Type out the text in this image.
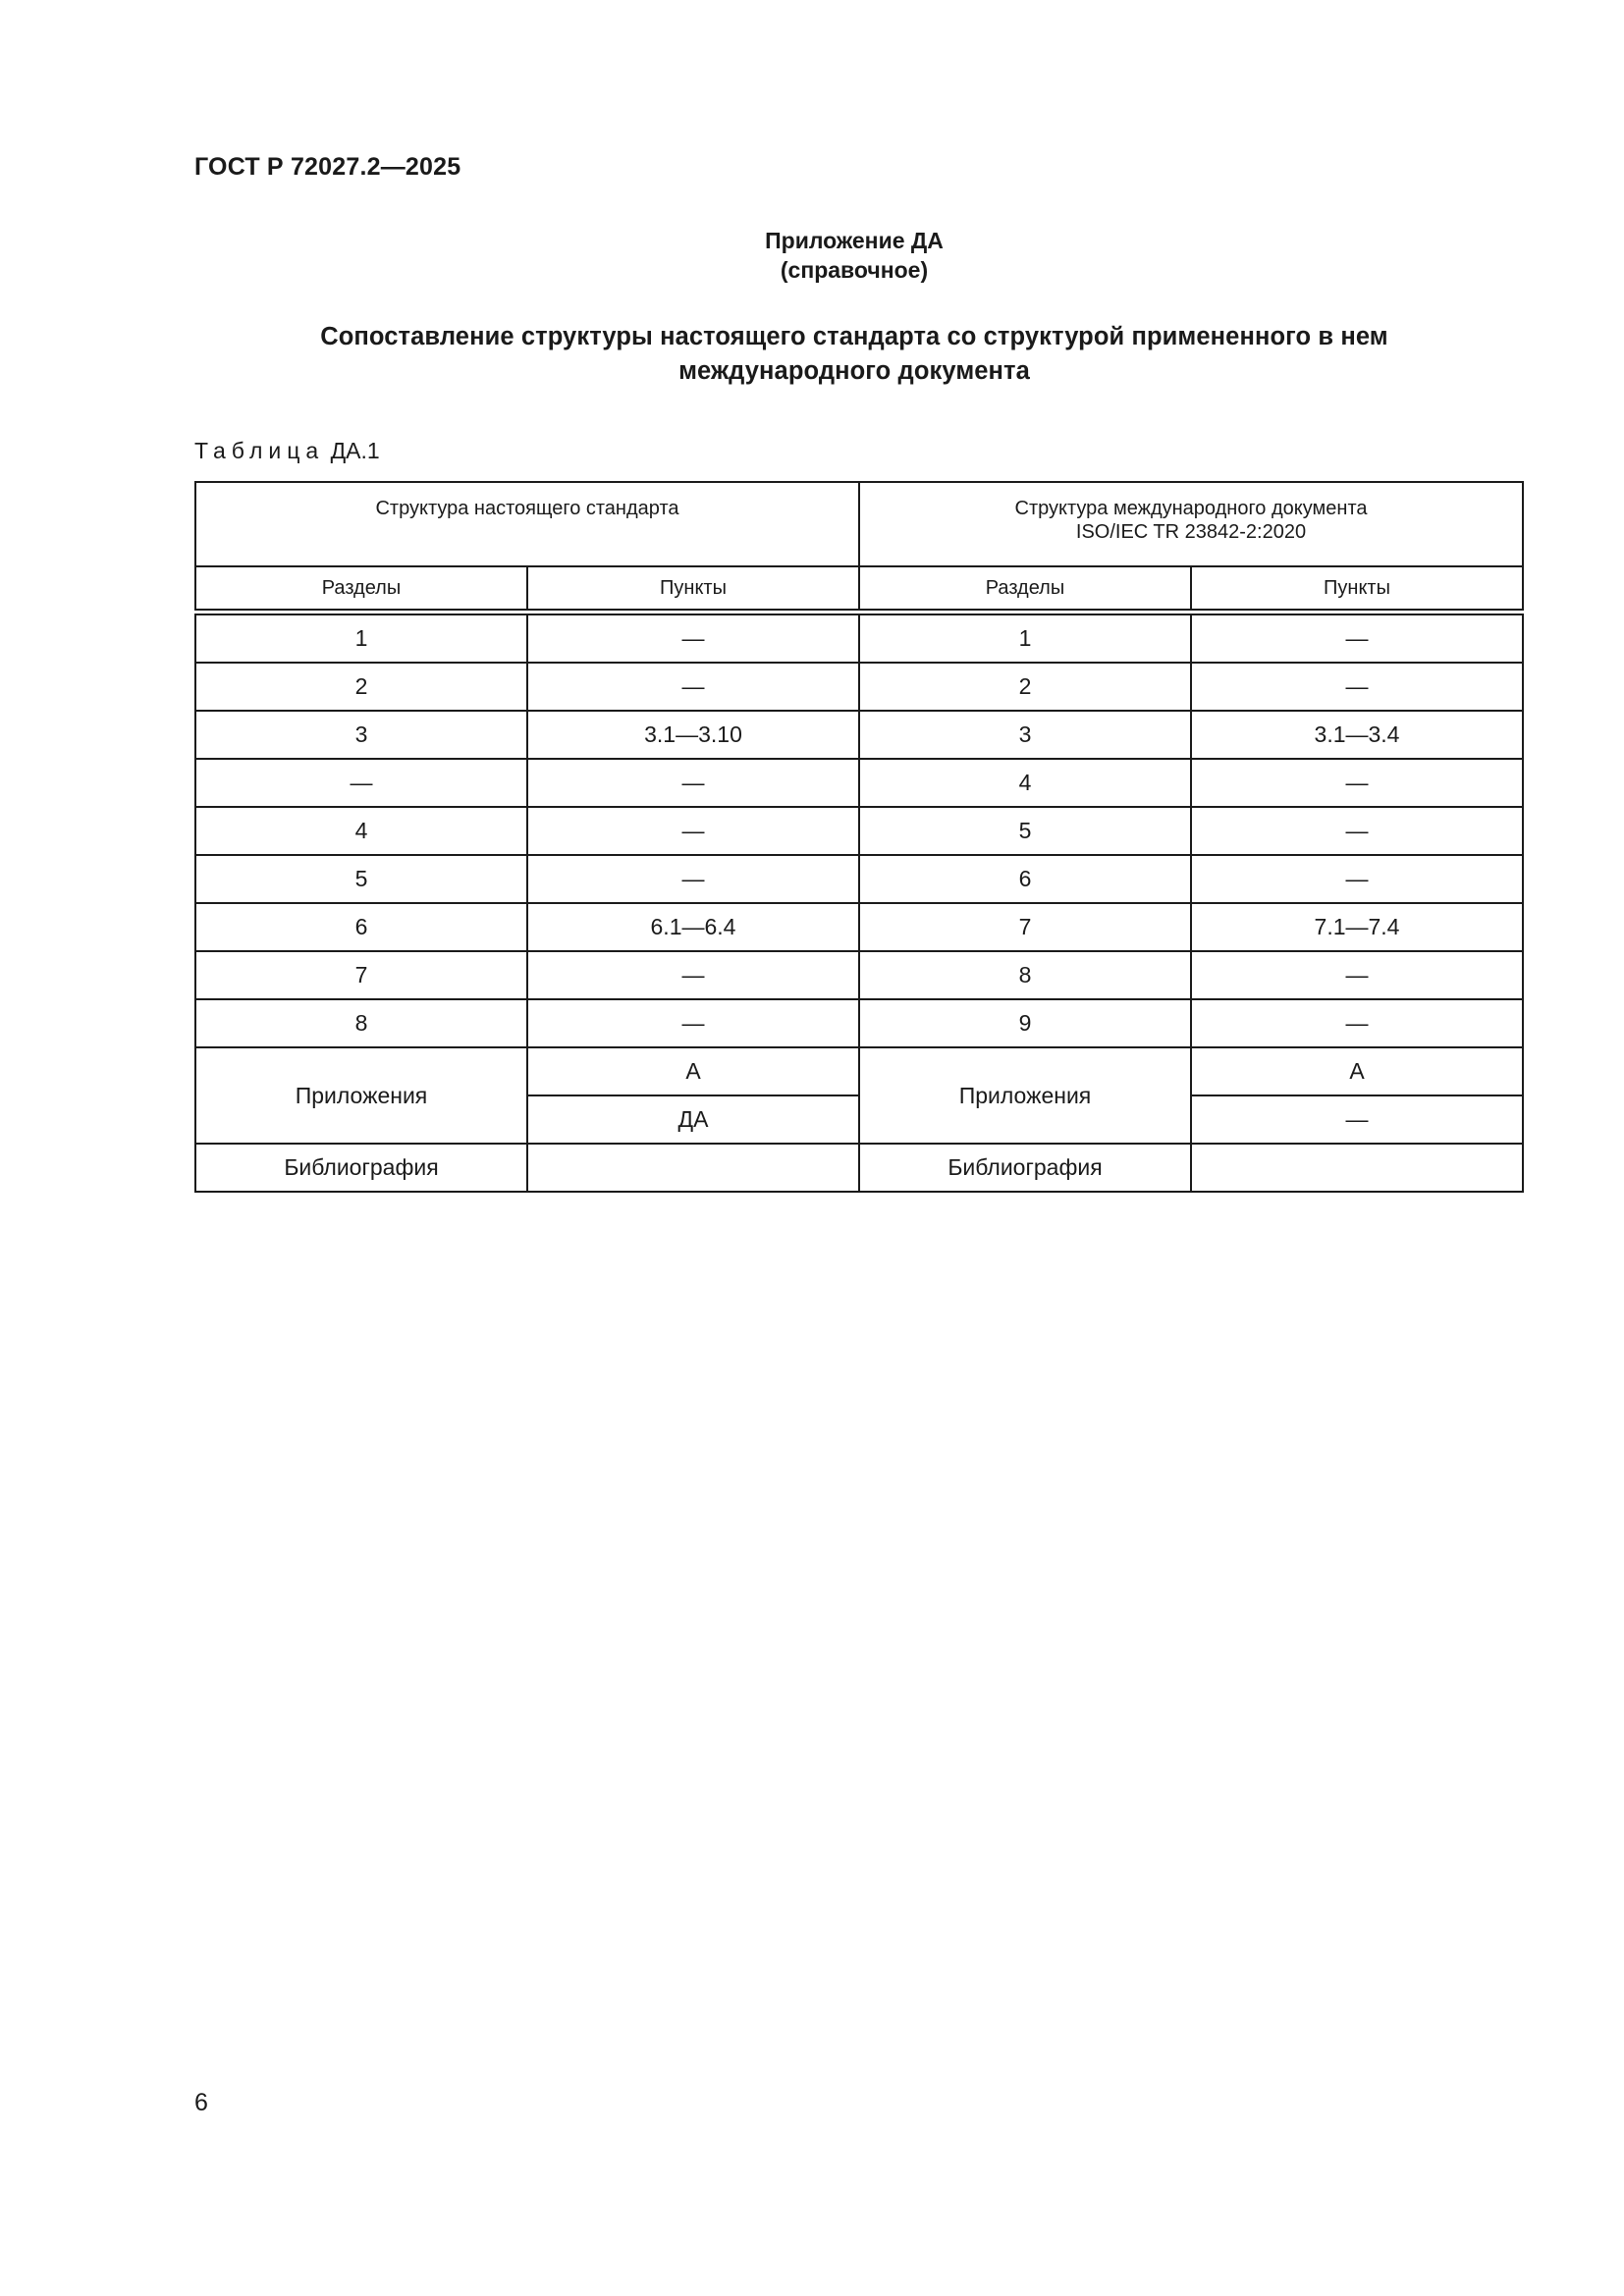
ГОСТ Р 72027.2—2025
Приложение ДА
(справочное)
Сопоставление структуры настоящего стандарта со структурой примененного в нем
международного документа
Таблица ДА.1
Структура настоящего стандарта		Структура международного документа
ISO/IEC TR 23842-2:2020	

Разделы	Пункты	Разделы	Пункты
1	—	1	—
2	—	2	—
3	3.1—3.10	3	3.1—3.4
—	—	4	—
4	—	5	—
5	—	6	—
6	6.1—6.4	7	7.1—7.4
7	—	8	—
8	—	9	—
Приложения	А	Приложения	А
	ДА		—
Библиография		Библиография	
6
